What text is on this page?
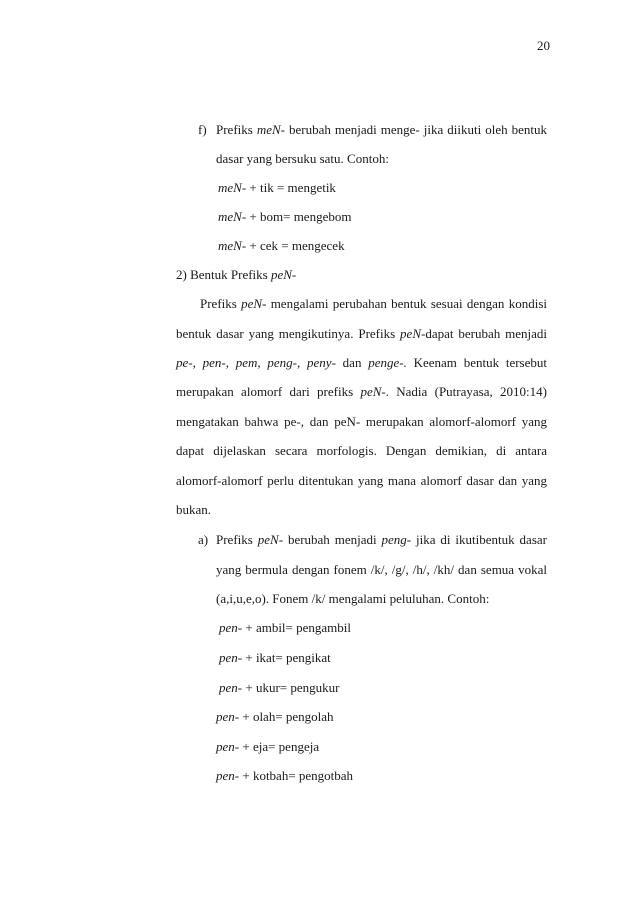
20
f) Prefiks meN- berubah menjadi menge- jika diikuti oleh bentuk
dasar yang bersuku satu. Contoh:
meN- + tik = mengetik
meN- + bom= mengebom
meN- + cek = mengecek
2) Bentuk Prefiks peN-
Prefiks peN- mengalami perubahan bentuk sesuai dengan kondisi
bentuk dasar yang mengikutinya. Prefiks peN-dapat berubah menjadi
pe-, pen-, pem, peng-, peny- dan penge-. Keenam bentuk tersebut
merupakan alomorf dari prefiks peN-. Nadia (Putrayasa, 2010:14)
mengatakan bahwa pe-, dan peN- merupakan alomorf-alomorf yang
dapat dijelaskan secara morfologis. Dengan demikian, di antara
alomorf-alomorf perlu ditentukan yang mana alomorf dasar dan yang
bukan.
a) Prefiks peN- berubah menjadi peng- jika di ikutibentuk dasar
yang bermula dengan fonem /k/, /g/, /h/, /kh/ dan semua vokal
(a,i,u,e,o). Fonem /k/ mengalami peluluhan. Contoh:
pen- + ambil= pengambil
pen- + ikat= pengikat
pen- + ukur= pengukur
pen- + olah= pengolah
pen- + eja= pengeja
pen- + kotbah= pengotbah
